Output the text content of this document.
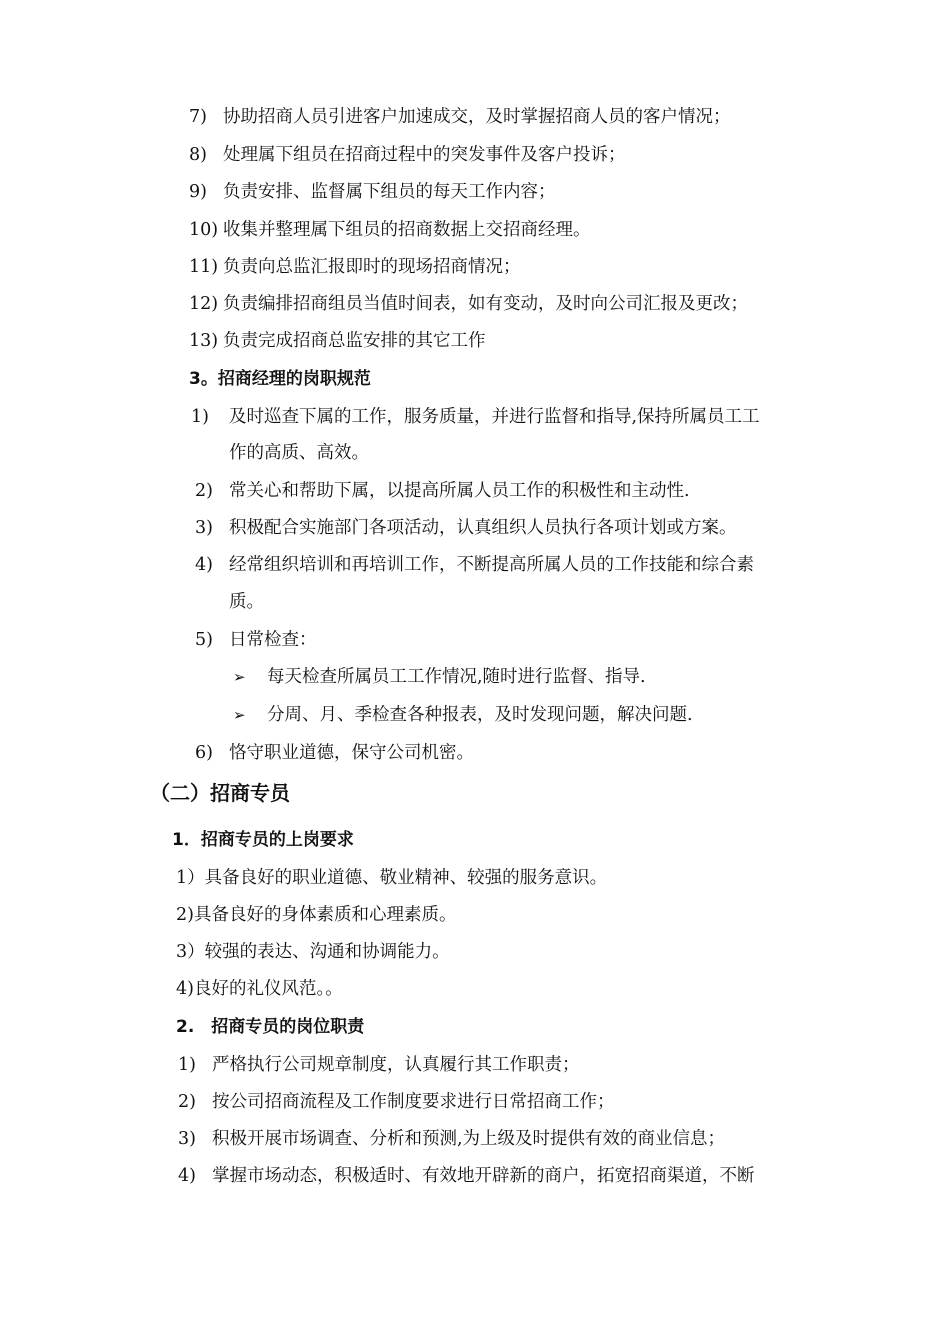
7) 协助招商人员引进客户加速成交，及时掌握招商人员的客户情况；
8) 处理属下组员在招商过程中的突发事件及客户投诉；
9) 负责安排、监督属下组员的每天工作内容；
10) 收集并整理属下组员的招商数据上交招商经理。
11) 负责向总监汇报即时的现场招商情况；
12) 负责编排招商组员当值时间表，如有变动，及时向公司汇报及更改；
13) 负责完成招商总监安排的其它工作
3。招商经理的岗职规范
1) 及时巡查下属的工作，服务质量，并进行监督和指导,保持所属员工工
作的高质、高效。
2) 常关心和帮助下属，以提高所属人员工作的积极性和主动性.
3) 积极配合实施部门各项活动，认真组织人员执行各项计划或方案。
4) 经常组织培训和再培训工作，不断提高所属人员的工作技能和综合素
质。
5) 日常检查：
➢ 每天检查所属员工工作情况,随时进行监督、指导.
➢ 分周、月、季检查各种报表，及时发现问题，解决问题.
6) 恪守职业道德，保守公司机密。
（二）招商专员
1．招商专员的上岗要求
1）具备良好的职业道德、敬业精神、较强的服务意识。
2)具备良好的身体素质和心理素质。
3）较强的表达、沟通和协调能力。
4)良好的礼仪风范。。
2.　招商专员的岗位职责
1) 严格执行公司规章制度，认真履行其工作职责；
2) 按公司招商流程及工作制度要求进行日常招商工作；
3) 积极开展市场调查、分析和预测,为上级及时提供有效的商业信息；
4) 掌握市场动态，积极适时、有效地开辟新的商户，拓宽招商渠道，不断
